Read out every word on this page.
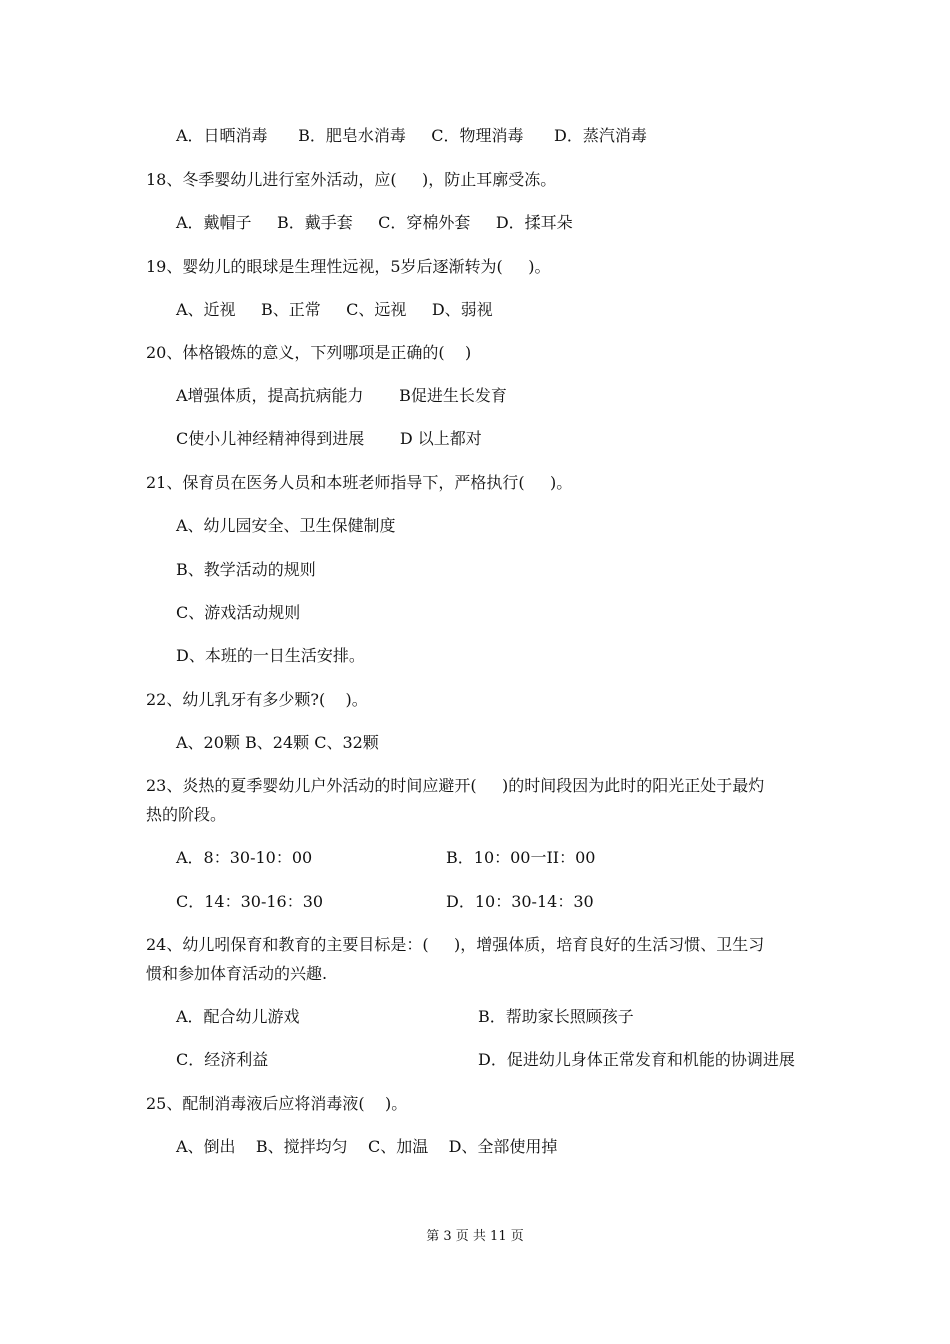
A．日晒消毒      B．肥皂水消毒     C．物理消毒      D．蒸汽消毒
18、冬季婴幼儿进行室外活动，应(     )，防止耳廓受冻。
A．戴帽子     B．戴手套     C．穿棉外套     D．揉耳朵
19、婴幼儿的眼球是生理性远视，5岁后逐渐转为(     )。
A、近视     B、正常     C、远视     D、弱视
20、体格锻炼的意义，下列哪项是正确的(    )
A增强体质，提高抗病能力       B促进生长发育
C使小儿神经精神得到进展       D 以上都对
21、保育员在医务人员和本班老师指导下，严格执行(     )。
A、幼儿园安全、卫生保健制度
B、教学活动的规则
C、游戏活动规则
D、本班的一日生活安排。
22、幼儿乳牙有多少颗?(    )。
A、20颗 B、24颗 C、32颗
23、炎热的夏季婴幼儿户外活动的时间应避开(     )的时间段因为此时的阳光正处于最灼
热的阶段。
A．8：30-10：00	B．10：00一II：00
C．14：30-16：30	D．10：30-14：30
24、幼儿吲保育和教育的主要目标是：(     )，增强体质，培育良好的生活习惯、卫生习
惯和参加体育活动的兴趣.
A．配合幼儿游戏	B．帮助家长照顾孩子
C．经济利益	D．促进幼儿身体正常发育和机能的协调进展
25、配制消毒液后应将消毒液(    )。
A、倒出    B、搅拌均匀    C、加温    D、全部使用掉
第 3 页 共 11 页
